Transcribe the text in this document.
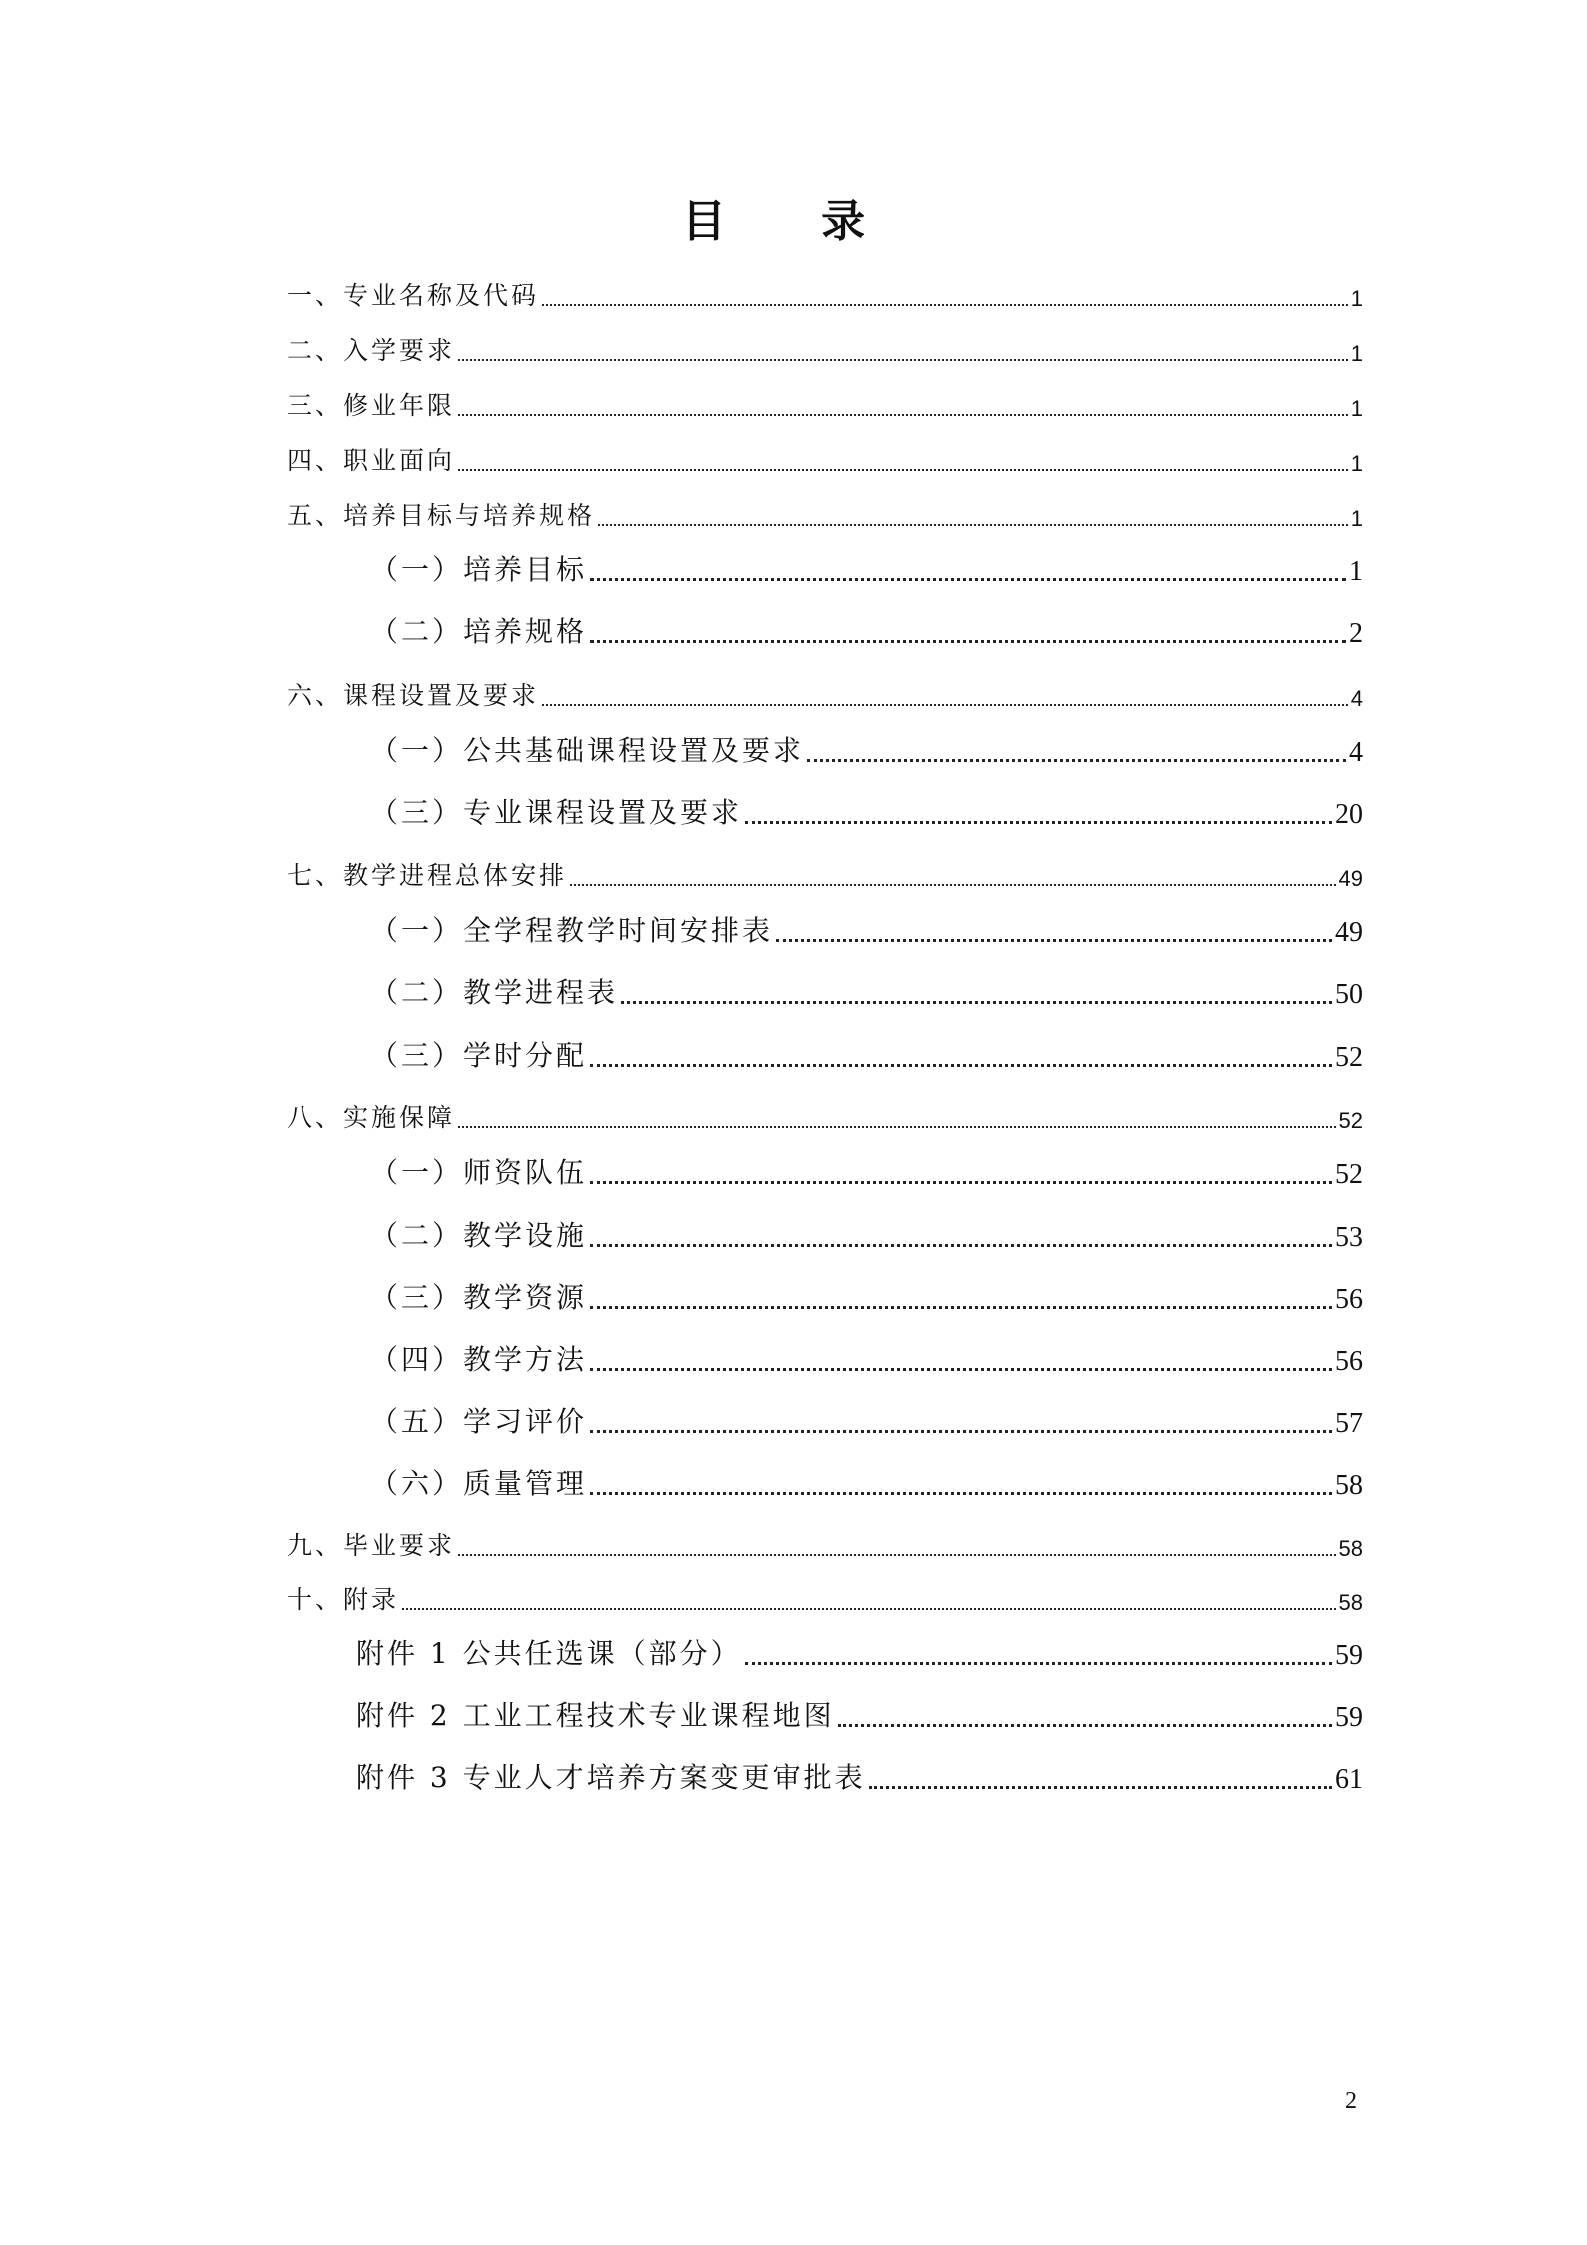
目 录
一、专业名称及代码	1
二、入学要求	1
三、修业年限	1
四、职业面向	1
五、培养目标与培养规格	1
（一）培养目标	1
（二）培养规格	2
六、课程设置及要求	4
（一）公共基础课程设置及要求	4
（三）专业课程设置及要求	20
七、教学进程总体安排	49
（一）全学程教学时间安排表	49
（二）教学进程表	50
（三）学时分配	52
八、实施保障	52
（一）师资队伍	52
（二）教学设施	53
（三）教学资源	56
（四）教学方法	56
（五）学习评价	57
（六）质量管理	58
九、毕业要求	58
十、附录	58
附件 1 公共任选课（部分）	59
附件 2 工业工程技术专业课程地图	59
附件 3 专业人才培养方案变更审批表	61
2
